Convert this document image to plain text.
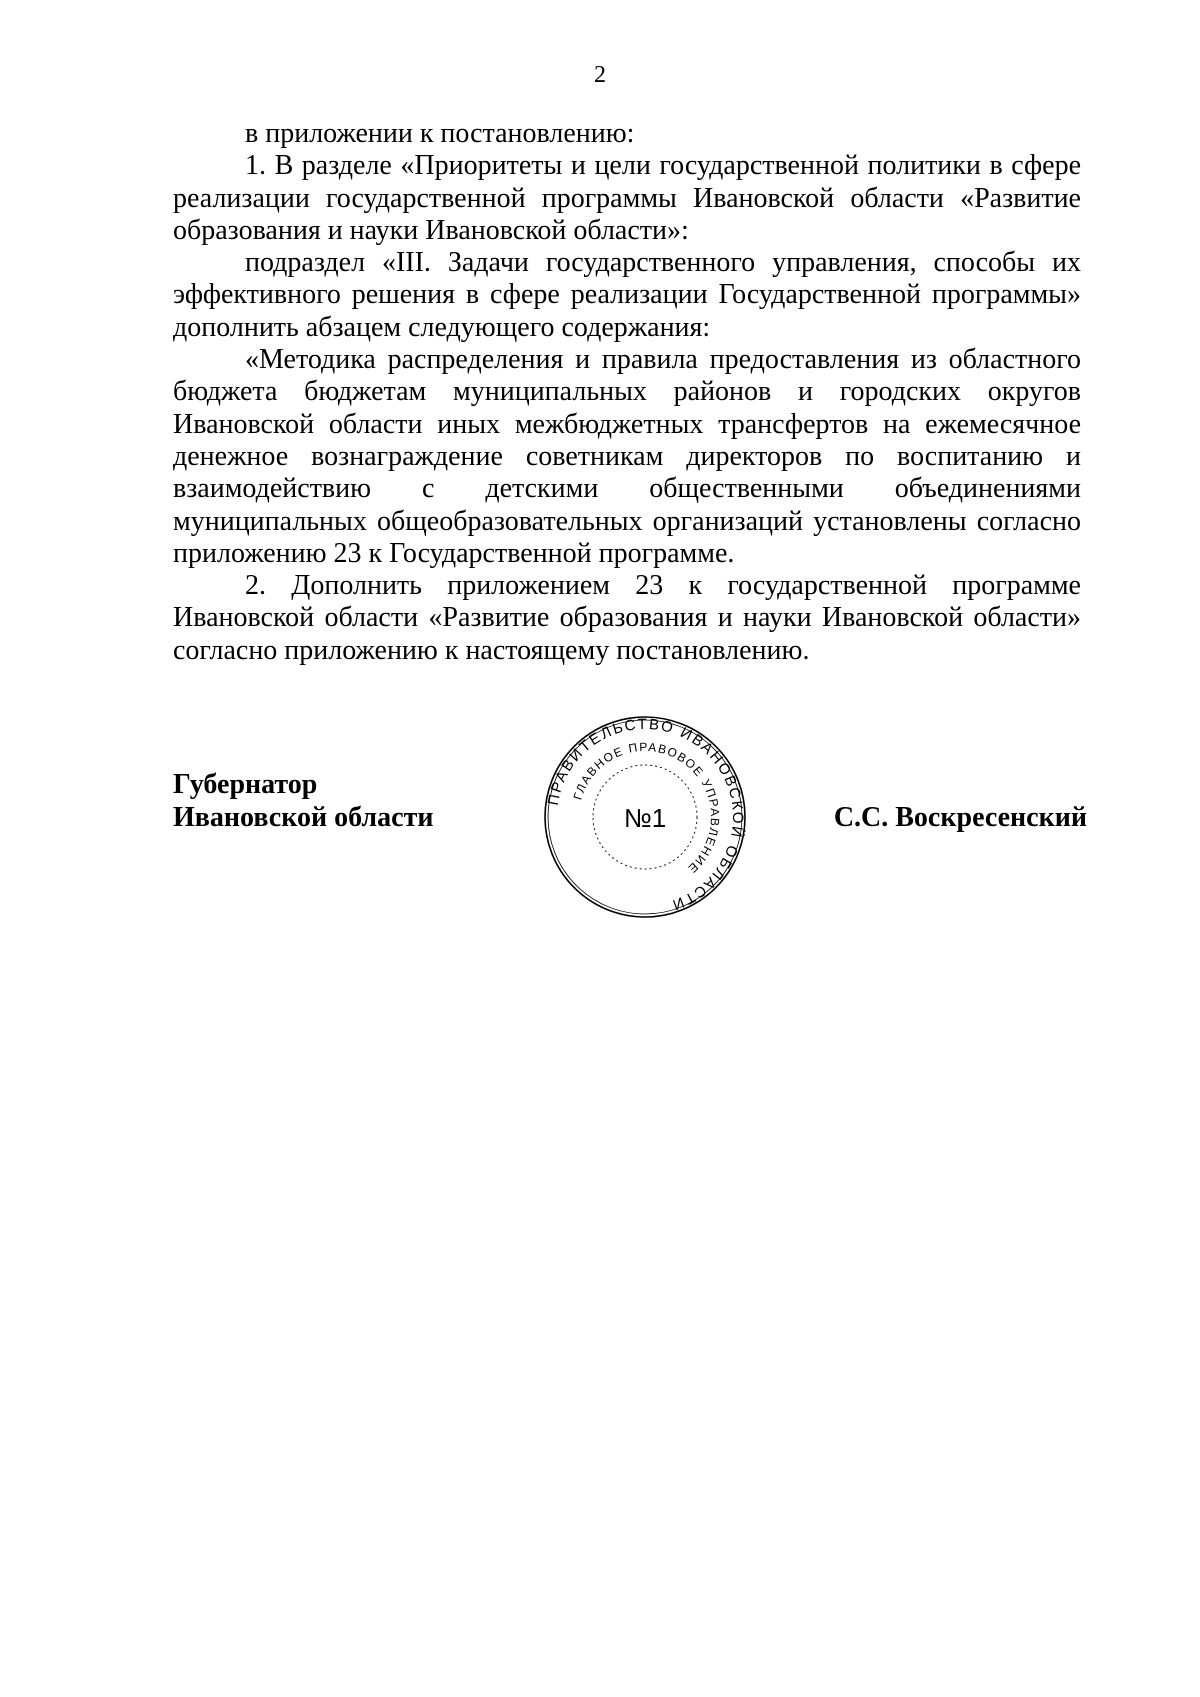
2

в приложении к постановлению:

1. В разделе «Приоритеты и цели государственной политики в сфере реализации государственной программы Ивановской области «Развитие образования и науки Ивановской области»:

подраздел «III. Задачи государственного управления, способы их эффективного решения в сфере реализации Государственной программы» дополнить абзацем следующего содержания:

«Методика распределения и правила предоставления из областного бюджета бюджетам муниципальных районов и городских округов Ивановской области иных межбюджетных трансфертов на ежемесячное денежное вознаграждение советникам директоров по воспитанию и взаимодействию с детскими общественными объединениями муниципальных общеобразовательных организаций установлены согласно приложению 23 к Государственной программе.

2. Дополнить приложением 23 к государственной программе Ивановской области «Развитие образования и науки Ивановской области» согласно приложению к настоящему постановлению.

Губернатор
Ивановской области
ПРАВИТЕЛЬСТВО ИВАНОВСКОЙ ОБЛАСТИ
ГЛАВНОЕ ПРАВОВОЕ УПРАВЛЕНИЕ
№1	С.С. Воскресенский
